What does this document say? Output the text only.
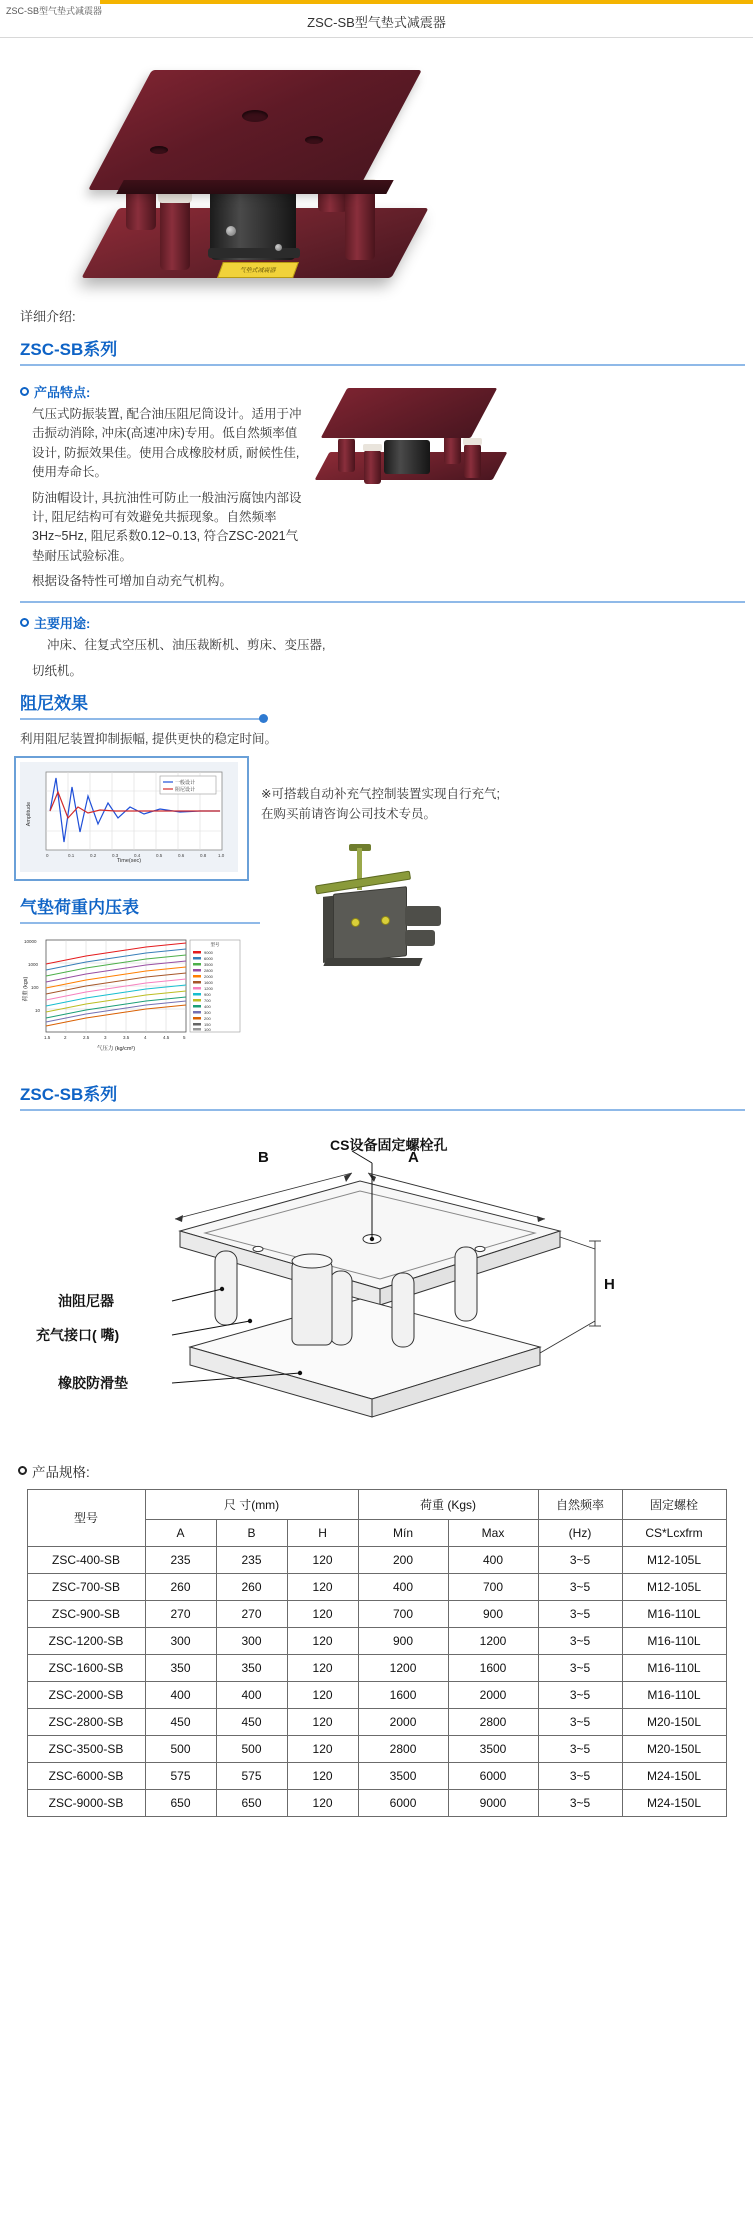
ZSC-SB型气垫式减震器
ZSC-SB型气垫式减震器
气垫式减震器
详细介绍:
ZSC-SB系列
产品特点:

气压式防振装置, 配合油压阻尼筒设计。适用于冲击振动消除, 冲床(高速冲床)专用。低自然频率值设计, 防振效果佳。使用合成橡胶材质, 耐候性佳, 使用寿命长。

防油帽设计, 具抗油性可防止一般油污腐蚀内部设计, 阻尼结构可有效避免共振现象。自然频率3Hz~5Hz, 阻尼系数0.12~0.13, 符合ZSC-2021气垫耐压试验标准。

根据设备特性可增加自动充气机构。

主要用途:

冲床、往复式空压机、油压裁断机、剪床、变压器,

切纸机。

阻尼效果
利用阻尼装置抑制振幅, 提供更快的稳定时间。
一般设计
阻尼设计
Time(sec)
Amplitude
0	0.1	0.2	0.3	0.4	0.5	0.6	0.8	1.0
※可搭载自动补充气控制装置实现自行充气;
在购买前请咨询公司技术专员。
气垫荷重内压表
10000
1000
100
10
1.5	2	2.5	3	3.5	4	4.5	5
气压力 (kg/cm²)
荷重 (kgs)
型号
9000
6000
3500
2800
2000
1600
1200
900
700
400
300
200
150
100
ZSC-SB系列
CS设备固定螺栓孔
油阻尼器
充气接口( 嘴)
橡胶防滑垫
A
B
H
产品规格:
型号	尺 寸(mm)			荷重 (Kgs)		自然频率	固定螺栓
	A	B	H	Mín	Max	(Hz)	CS*Lcxfrm
ZSC-400-SB	235	235	120	200	400	3~5	M12-105L
ZSC-700-SB	260	260	120	400	700	3~5	M12-105L
ZSC-900-SB	270	270	120	700	900	3~5	M16-110L
ZSC-1200-SB	300	300	120	900	1200	3~5	M16-110L
ZSC-1600-SB	350	350	120	1200	1600	3~5	M16-110L
ZSC-2000-SB	400	400	120	1600	2000	3~5	M16-110L
ZSC-2800-SB	450	450	120	2000	2800	3~5	M20-150L
ZSC-3500-SB	500	500	120	2800	3500	3~5	M20-150L
ZSC-6000-SB	575	575	120	3500	6000	3~5	M24-150L
ZSC-9000-SB	650	650	120	6000	9000	3~5	M24-150L
